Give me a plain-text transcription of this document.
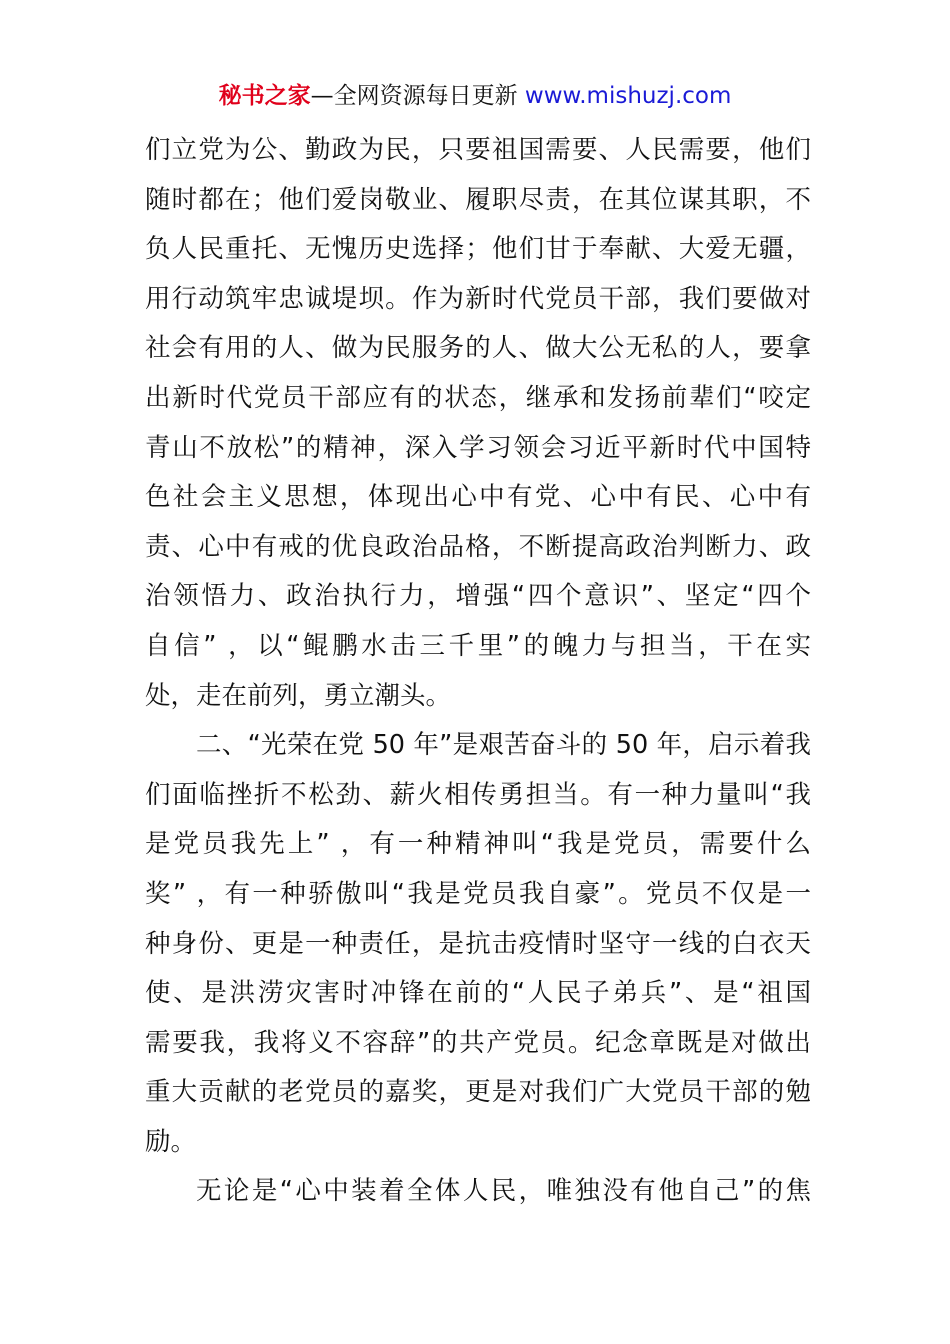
秘书之家—全网资源每日更新 www.mishuzj.com
们立党为公、勤政为民，只要祖国需要、人民需要，他们
随时都在；他们爱岗敬业、履职尽责，在其位谋其职，不
负人民重托、无愧历史选择；他们甘于奉献、大爱无疆，
用行动筑牢忠诚堤坝。作为新时代党员干部，我们要做对
社会有用的人、做为民服务的人、做大公无私的人，要拿
出新时代党员干部应有的状态，继承和发扬前辈们“咬定
青山不放松”的精神，深入学习领会习近平新时代中国特
色社会主义思想，体现出心中有党、心中有民、心中有
责、心中有戒的优良政治品格，不断提高政治判断力、政
治领悟力、政治执行力，增强“四个意识”、坚定“四个
自信” ，以“鲲鹏水击三千里”的魄力与担当，干在实
处，走在前列，勇立潮头。
二、“光荣在党 50 年”是艰苦奋斗的 50 年，启示着我
们面临挫折不松劲、薪火相传勇担当。有一种力量叫“我
是党员我先上” ，有一种精神叫“我是党员，需要什么
奖” ，有一种骄傲叫“我是党员我自豪”。党员不仅是一
种身份、更是一种责任，是抗击疫情时坚守一线的白衣天
使、是洪涝灾害时冲锋在前的“人民子弟兵”、是“祖国
需要我，我将义不容辞”的共产党员。纪念章既是对做出
重大贡献的老党员的嘉奖，更是对我们广大党员干部的勉
励。
无论是“心中装着全体人民，唯独没有他自己”的焦
